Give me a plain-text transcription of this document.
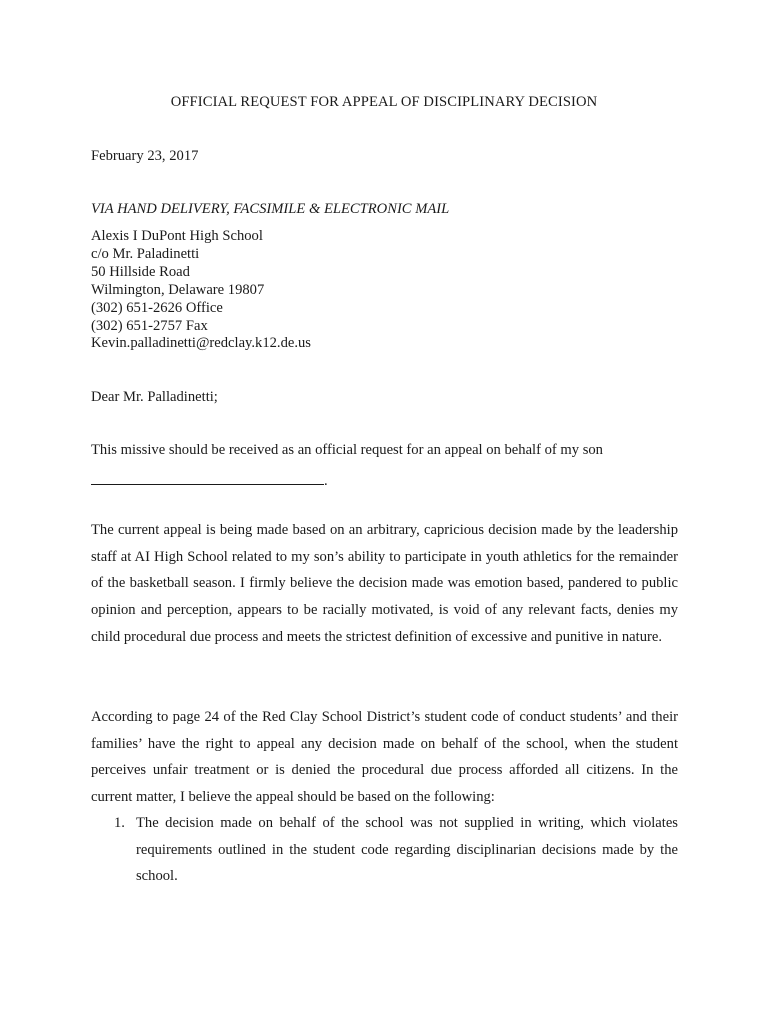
OFFICIAL REQUEST FOR APPEAL OF DISCIPLINARY DECISION
February 23, 2017
VIA HAND DELIVERY, FACSIMILE & ELECTRONIC MAIL
Alexis I DuPont High School
c/o Mr. Paladinetti
50 Hillside Road
Wilmington, Delaware 19807
(302) 651-2626 Office
(302) 651-2757 Fax
Kevin.palladinetti@redclay.k12.de.us
Dear Mr. Palladinetti;
This missive should be received as an official request for an appeal on behalf of my son
.
The current appeal is being made based on an arbitrary, capricious decision made by the leadership staff at AI High School related to my son’s ability to participate in youth athletics for the remainder of the basketball season. I firmly believe the decision made was emotion based, pandered to public opinion and perception, appears to be racially motivated, is void of any relevant facts, denies my child procedural due process and meets the strictest definition of excessive and punitive in nature.
According to page 24 of the Red Clay School District’s student code of conduct students’ and their families’ have the right to appeal any decision made on behalf of the school, when the student perceives unfair treatment or is denied the procedural due process afforded all citizens. In the current matter, I believe the appeal should be based on the following:
1. The decision made on behalf of the school was not supplied in writing, which violates requirements outlined in the student code regarding disciplinarian decisions made by the school.
